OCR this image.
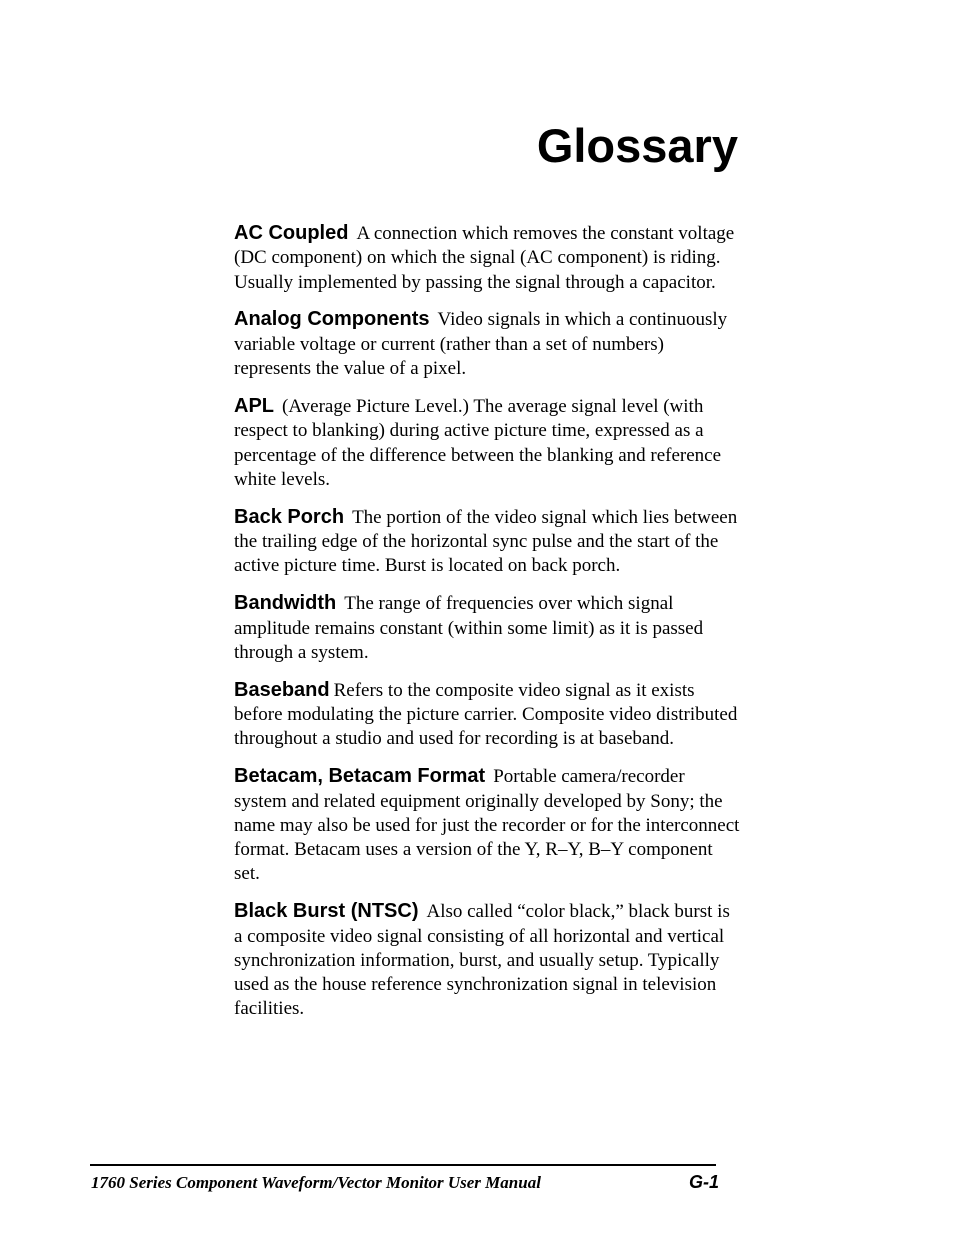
Glossary

AC Coupled A connection which removes the constant voltage (DC component) on which the signal (AC component) is riding. Usually implemented by passing the signal through a capacitor.

Analog Components Video signals in which a continuously variable voltage or current (rather than a set of numbers) represents the value of a pixel.

APL (Average Picture Level.) The average signal level (with respect to blanking) during active picture time, expressed as a percentage of the difference between the blanking and reference white levels.

Back Porch The portion of the video signal which lies between the trailing edge of the horizontal sync pulse and the start of the active picture time. Burst is located on back porch.

Bandwidth The range of frequencies over which signal amplitude remains constant (within some limit) as it is passed through a system.

Baseband Refers to the composite video signal as it exists before modulating the picture carrier. Composite video distributed throughout a studio and used for recording is at baseband.

Betacam, Betacam Format Portable camera/recorder system and related equipment originally developed by Sony; the name may also be used for just the recorder or for the interconnect format. Betacam uses a version of the Y, R–Y, B–Y component set.

Black Burst (NTSC) Also called “color black,” black burst is a composite video signal consisting of all horizontal and vertical synchronization information, burst, and usually setup. Typically used as the house reference synchronization signal in television facilities.

1760 Series Component Waveform/Vector Monitor User Manual	G-1
